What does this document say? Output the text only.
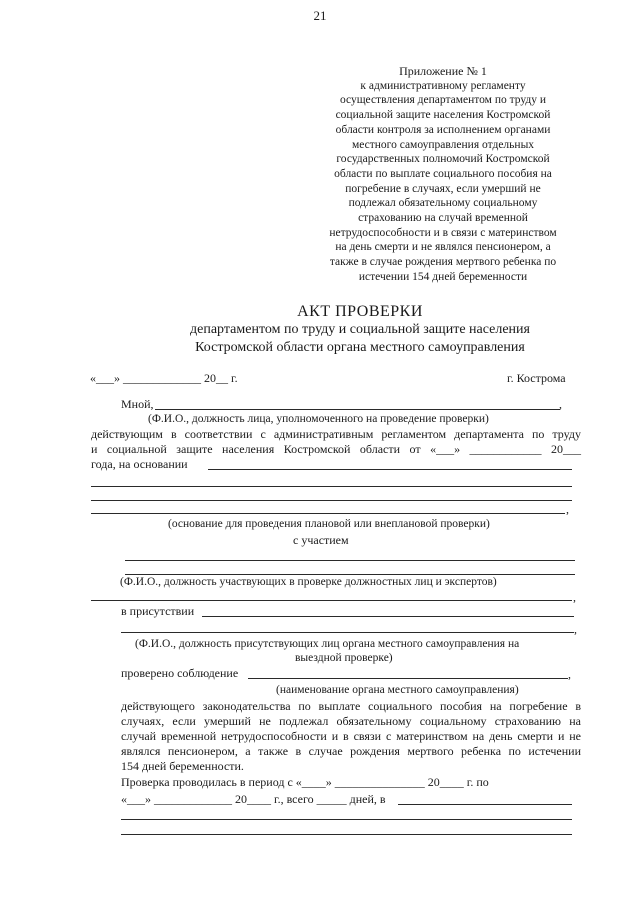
21
Приложение № 1
к административному регламенту
осуществления департаментом по труду и
социальной защите населения Костромской
области контроля за исполнением органами
местного самоуправления отдельных
государственных полномочий Костромской
области по выплате социального пособия на
погребение в случаях, если умерший не
подлежал обязательному социальному
страхованию на случай временной
нетрудоспособности и в связи с материнством
на день смерти и не являлся пенсионером, а
также в случае рождения мертвого ребенка по
истечении 154 дней беременности
АКТ ПРОВЕРКИ
департаментом по труду и социальной защите населения
Костромской области органа местного самоуправления
«___» _____________ 20__ г.	г. Кострома
Мной,	,
(Ф.И.О., должность лица, уполномоченного на проведение проверки)
действующим в соответствии с административным регламентом департамента по труду
и социальной защите населения Костромской области от «___» ____________ 20___
года, на основании
,
(основание для проведения плановой или внеплановой проверки)
с участием
(Ф.И.О., должность участвующих в проверке должностных лиц и экспертов)
,
в присутствии
,
(Ф.И.О., должность присутствующих лиц органа местного самоуправления на
выездной проверке)
проверено соблюдение	,
(наименование органа местного самоуправления)
действующего законодательства по выплате социального пособия на погребение в
случаях, если умерший не подлежал обязательному социальному страхованию на
случай временной нетрудоспособности и в связи с материнством на день смерти и не
являлся пенсионером, а также в случае рождения мертвого ребенка по истечении
154 дней беременности.
Проверка проводилась в период с «____» _______________ 20____ г. по
«___» _____________ 20____ г., всего _____ дней, в
